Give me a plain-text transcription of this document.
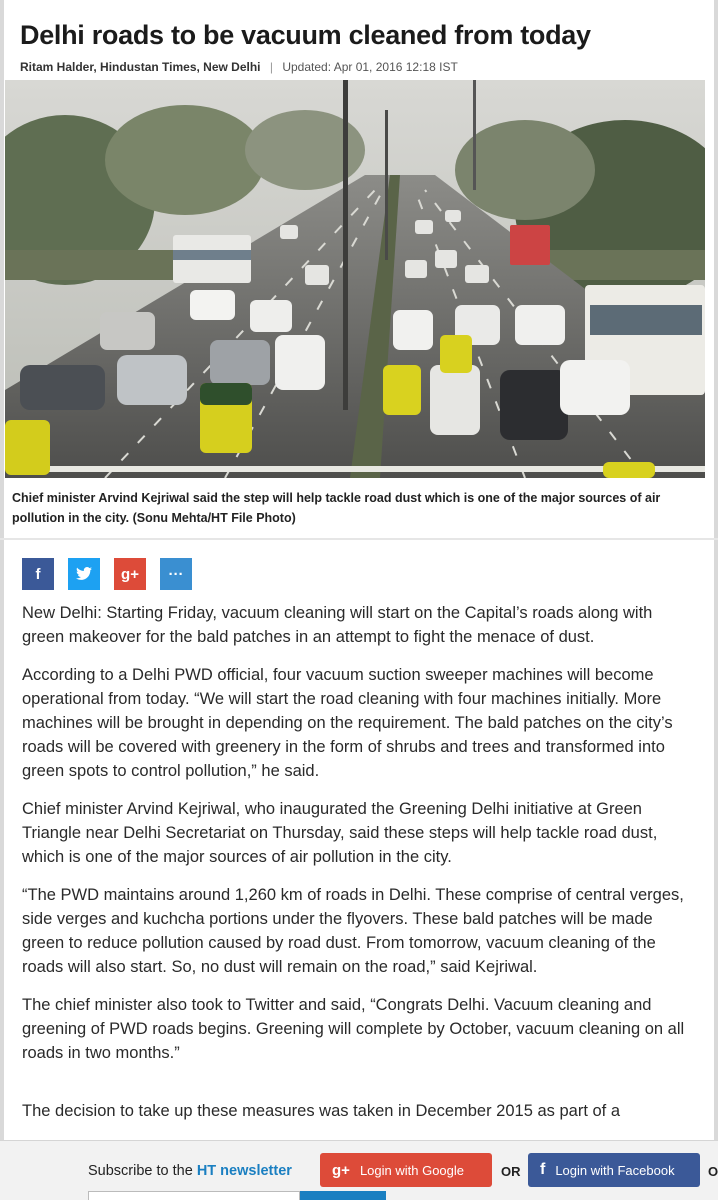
Delhi roads to be vacuum cleaned from today
Ritam Halder, Hindustan Times, New Delhi | Updated: Apr 01, 2016 12:18 IST
Chief minister Arvind Kejriwal said the step will help tackle road dust which is one of the major sources of air pollution in the city. (Sonu Mehta/HT File Photo)
f	g+ ···

New Delhi: Starting Friday, vacuum cleaning will start on the Capital’s roads along with green makeover for the bald patches in an attempt to fight the menace of dust.

According to a Delhi PWD official, four vacuum suction sweeper machines will become operational from today. “We will start the road cleaning with four machines initially. More machines will be brought in depending on the requirement. The bald patches on the city’s roads will be covered with greenery in the form of shrubs and trees and transformed into green spots to control pollution,” he said.

Chief minister Arvind Kejriwal, who inaugurated the Greening Delhi initiative at Green Triangle near Delhi Secretariat on Thursday, said these steps will help tackle road dust, which is one of the major sources of air pollution in the city.

“The PWD maintains around 1,260 km of roads in Delhi. These comprise of central verges, side verges and kuchcha portions under the flyovers. These bald patches will be made green to reduce pollution caused by road dust. From tomorrow, vacuum cleaning of the roads will also start. So, no dust will remain on the road,” said Kejriwal.

The chief minister also took to Twitter and said, “Congrats Delhi. Vacuum cleaning and greening of PWD roads begins. Greening will complete by October, vacuum cleaning on all roads in two months.”

The decision to take up these measures was taken in December 2015 as part of a

Subscribe to the HT newsletter	g+ Login with Google	OR f Login with Facebook	O
